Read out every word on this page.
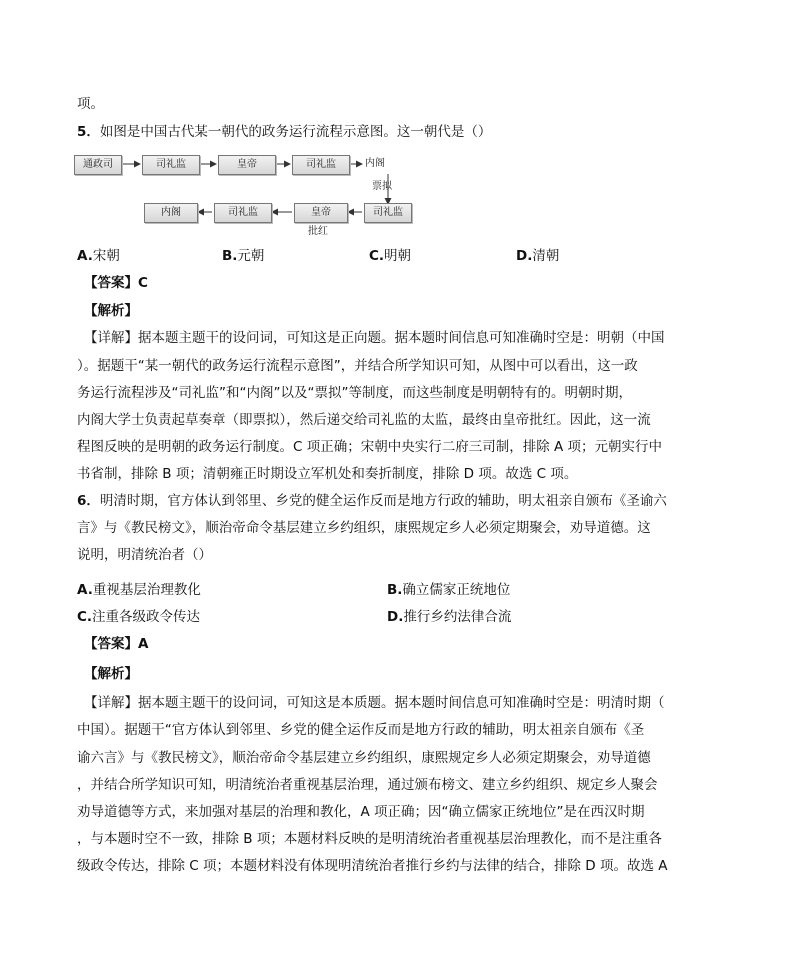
项。
5．如图是中国古代某一朝代的政务运行流程示意图。这一朝代是（）
通政司	司礼监	皇帝	司礼监	内阁
票拟
内阁	司礼监	皇帝	司礼监
批红
A.宋朝	B.元朝	C.明朝	D.清朝
【答案】C
【解析】
【详解】据本题主题干的设问词，可知这是正向题。据本题时间信息可知准确时空是：明朝（中国
）。据题干“某一朝代的政务运行流程示意图”，并结合所学知识可知，从图中可以看出，这一政
务运行流程涉及“司礼监”和“内阁”以及“票拟”等制度，而这些制度是明朝特有的。明朝时期，
内阁大学士负责起草奏章（即票拟），然后递交给司礼监的太监，最终由皇帝批红。因此，这一流
程图反映的是明朝的政务运行制度。C 项正确；宋朝中央实行二府三司制，排除 A 项；元朝实行中
书省制，排除 B 项；清朝雍正时期设立军机处和奏折制度，排除 D 项。故选 C 项。
6．明清时期，官方体认到邻里、乡党的健全运作反而是地方行政的辅助，明太祖亲自颁布《圣谕六
言》与《教民榜文》，顺治帝命令基层建立乡约组织，康熙规定乡人必须定期聚会，劝导道德。这
说明，明清统治者（）
A.重视基层治理教化	B.确立儒家正统地位
C.注重各级政令传达	D.推行乡约法律合流
【答案】A
【解析】
【详解】据本题主题干的设问词，可知这是本质题。据本题时间信息可知准确时空是：明清时期（
中国）。据题干“官方体认到邻里、乡党的健全运作反而是地方行政的辅助，明太祖亲自颁布《圣
谕六言》与《教民榜文》，顺治帝命令基层建立乡约组织，康熙规定乡人必须定期聚会，劝导道德
，并结合所学知识可知，明清统治者重视基层治理，通过颁布榜文、建立乡约组织、规定乡人聚会
劝导道德等方式，来加强对基层的治理和教化，A 项正确；因“确立儒家正统地位”是在西汉时期
，与本题时空不一致，排除 B 项；本题材料反映的是明清统治者重视基层治理教化，而不是注重各
级政令传达，排除 C 项；本题材料没有体现明清统治者推行乡约与法律的结合，排除 D 项。故选 A
